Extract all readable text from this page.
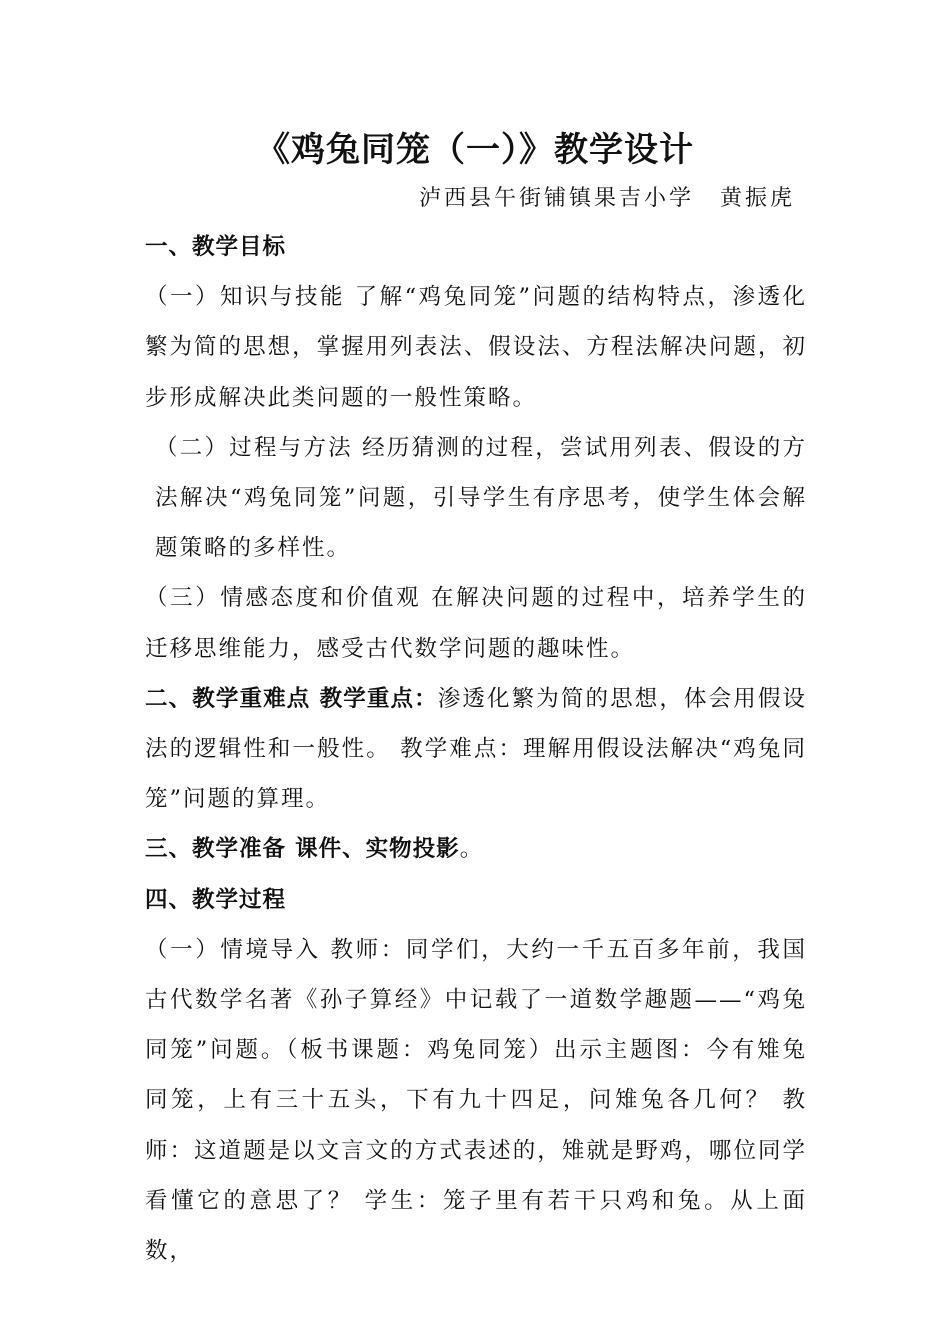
《鸡兔同笼（一）》教学设计
泸西县午街铺镇果吉小学 黄振虎

一、教学目标

（一）知识与技能 了解“鸡兔同笼”问题的结构特点，渗透化繁为简的思想，掌握用列表法、假设法、方程法解决问题，初步形成解决此类问题的一般性策略。

（二）过程与方法 经历猜测的过程，尝试用列表、假设的方法解决“鸡兔同笼”问题，引导学生有序思考，使学生体会解题策略的多样性。

（三）情感态度和价值观 在解决问题的过程中，培养学生的迁移思维能力，感受古代数学问题的趣味性。

二、教学重难点 教学重点：渗透化繁为简的思想，体会用假设法的逻辑性和一般性。 教学难点：理解用假设法解决“鸡兔同笼”问题的算理。

三、教学准备 课件、实物投影。

四、教学过程

（一）情境导入 教师：同学们，大约一千五百多年前，我国古代数学名著《孙子算经》中记载了一道数学趣题——“鸡兔同笼”问题。（板书课题：鸡兔同笼）出示主题图：今有雉兔同笼，上有三十五头，下有九十四足，问雉兔各几何？ 教师：这道题是以文言文的方式表述的，雉就是野鸡，哪位同学看懂它的意思了？ 学生：笼子里有若干只鸡和兔。从上面数，
